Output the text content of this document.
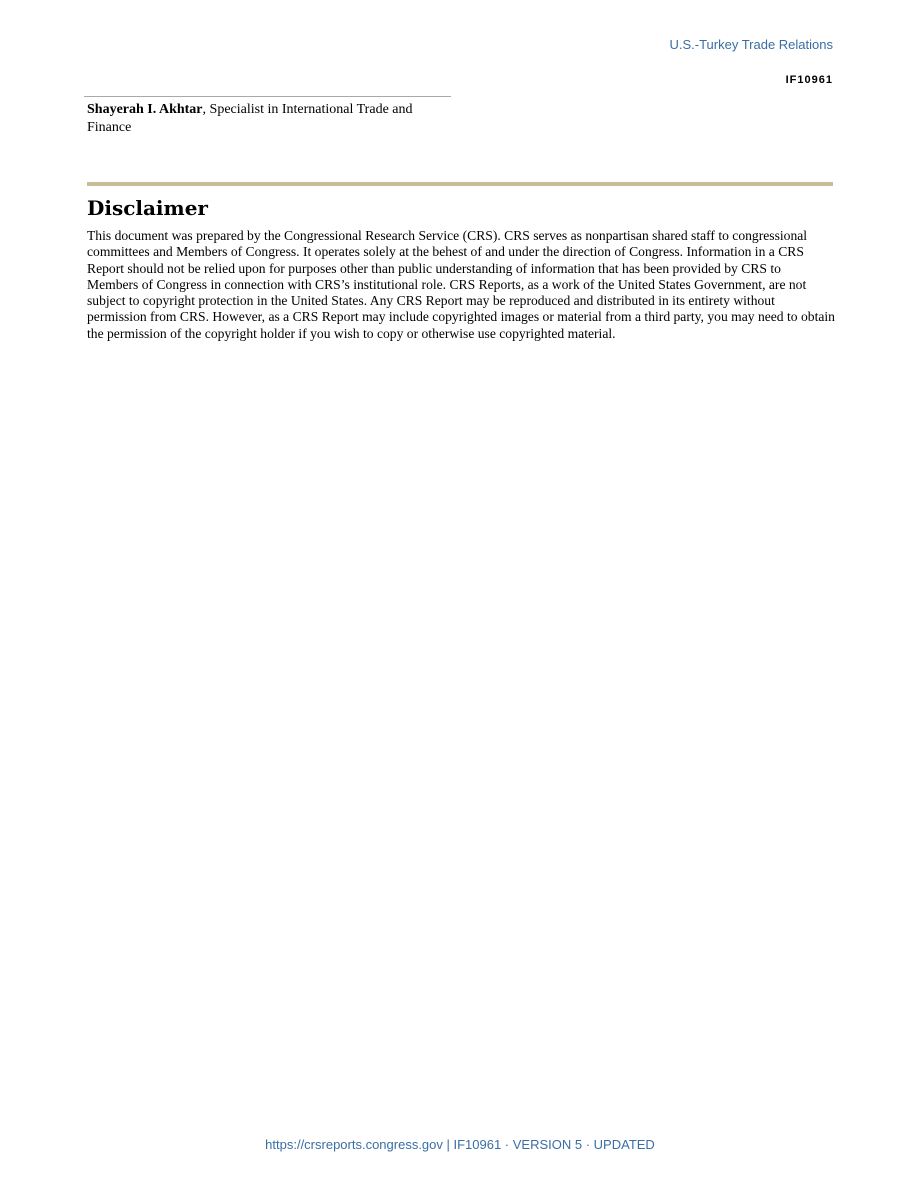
U.S.-Turkey Trade Relations
IF10961
Shayerah I. Akhtar, Specialist in International Trade and Finance
Disclaimer

This document was prepared by the Congressional Research Service (CRS). CRS serves as nonpartisan shared staff to congressional committees and Members of Congress. It operates solely at the behest of and under the direction of Congress. Information in a CRS Report should not be relied upon for purposes other than public understanding of information that has been provided by CRS to Members of Congress in connection with CRS’s institutional role. CRS Reports, as a work of the United States Government, are not subject to copyright protection in the United States. Any CRS Report may be reproduced and distributed in its entirety without permission from CRS. However, as a CRS Report may include copyrighted images or material from a third party, you may need to obtain the permission of the copyright holder if you wish to copy or otherwise use copyrighted material.

https://crsreports.congress.gov | IF10961 · VERSION 5 · UPDATED
